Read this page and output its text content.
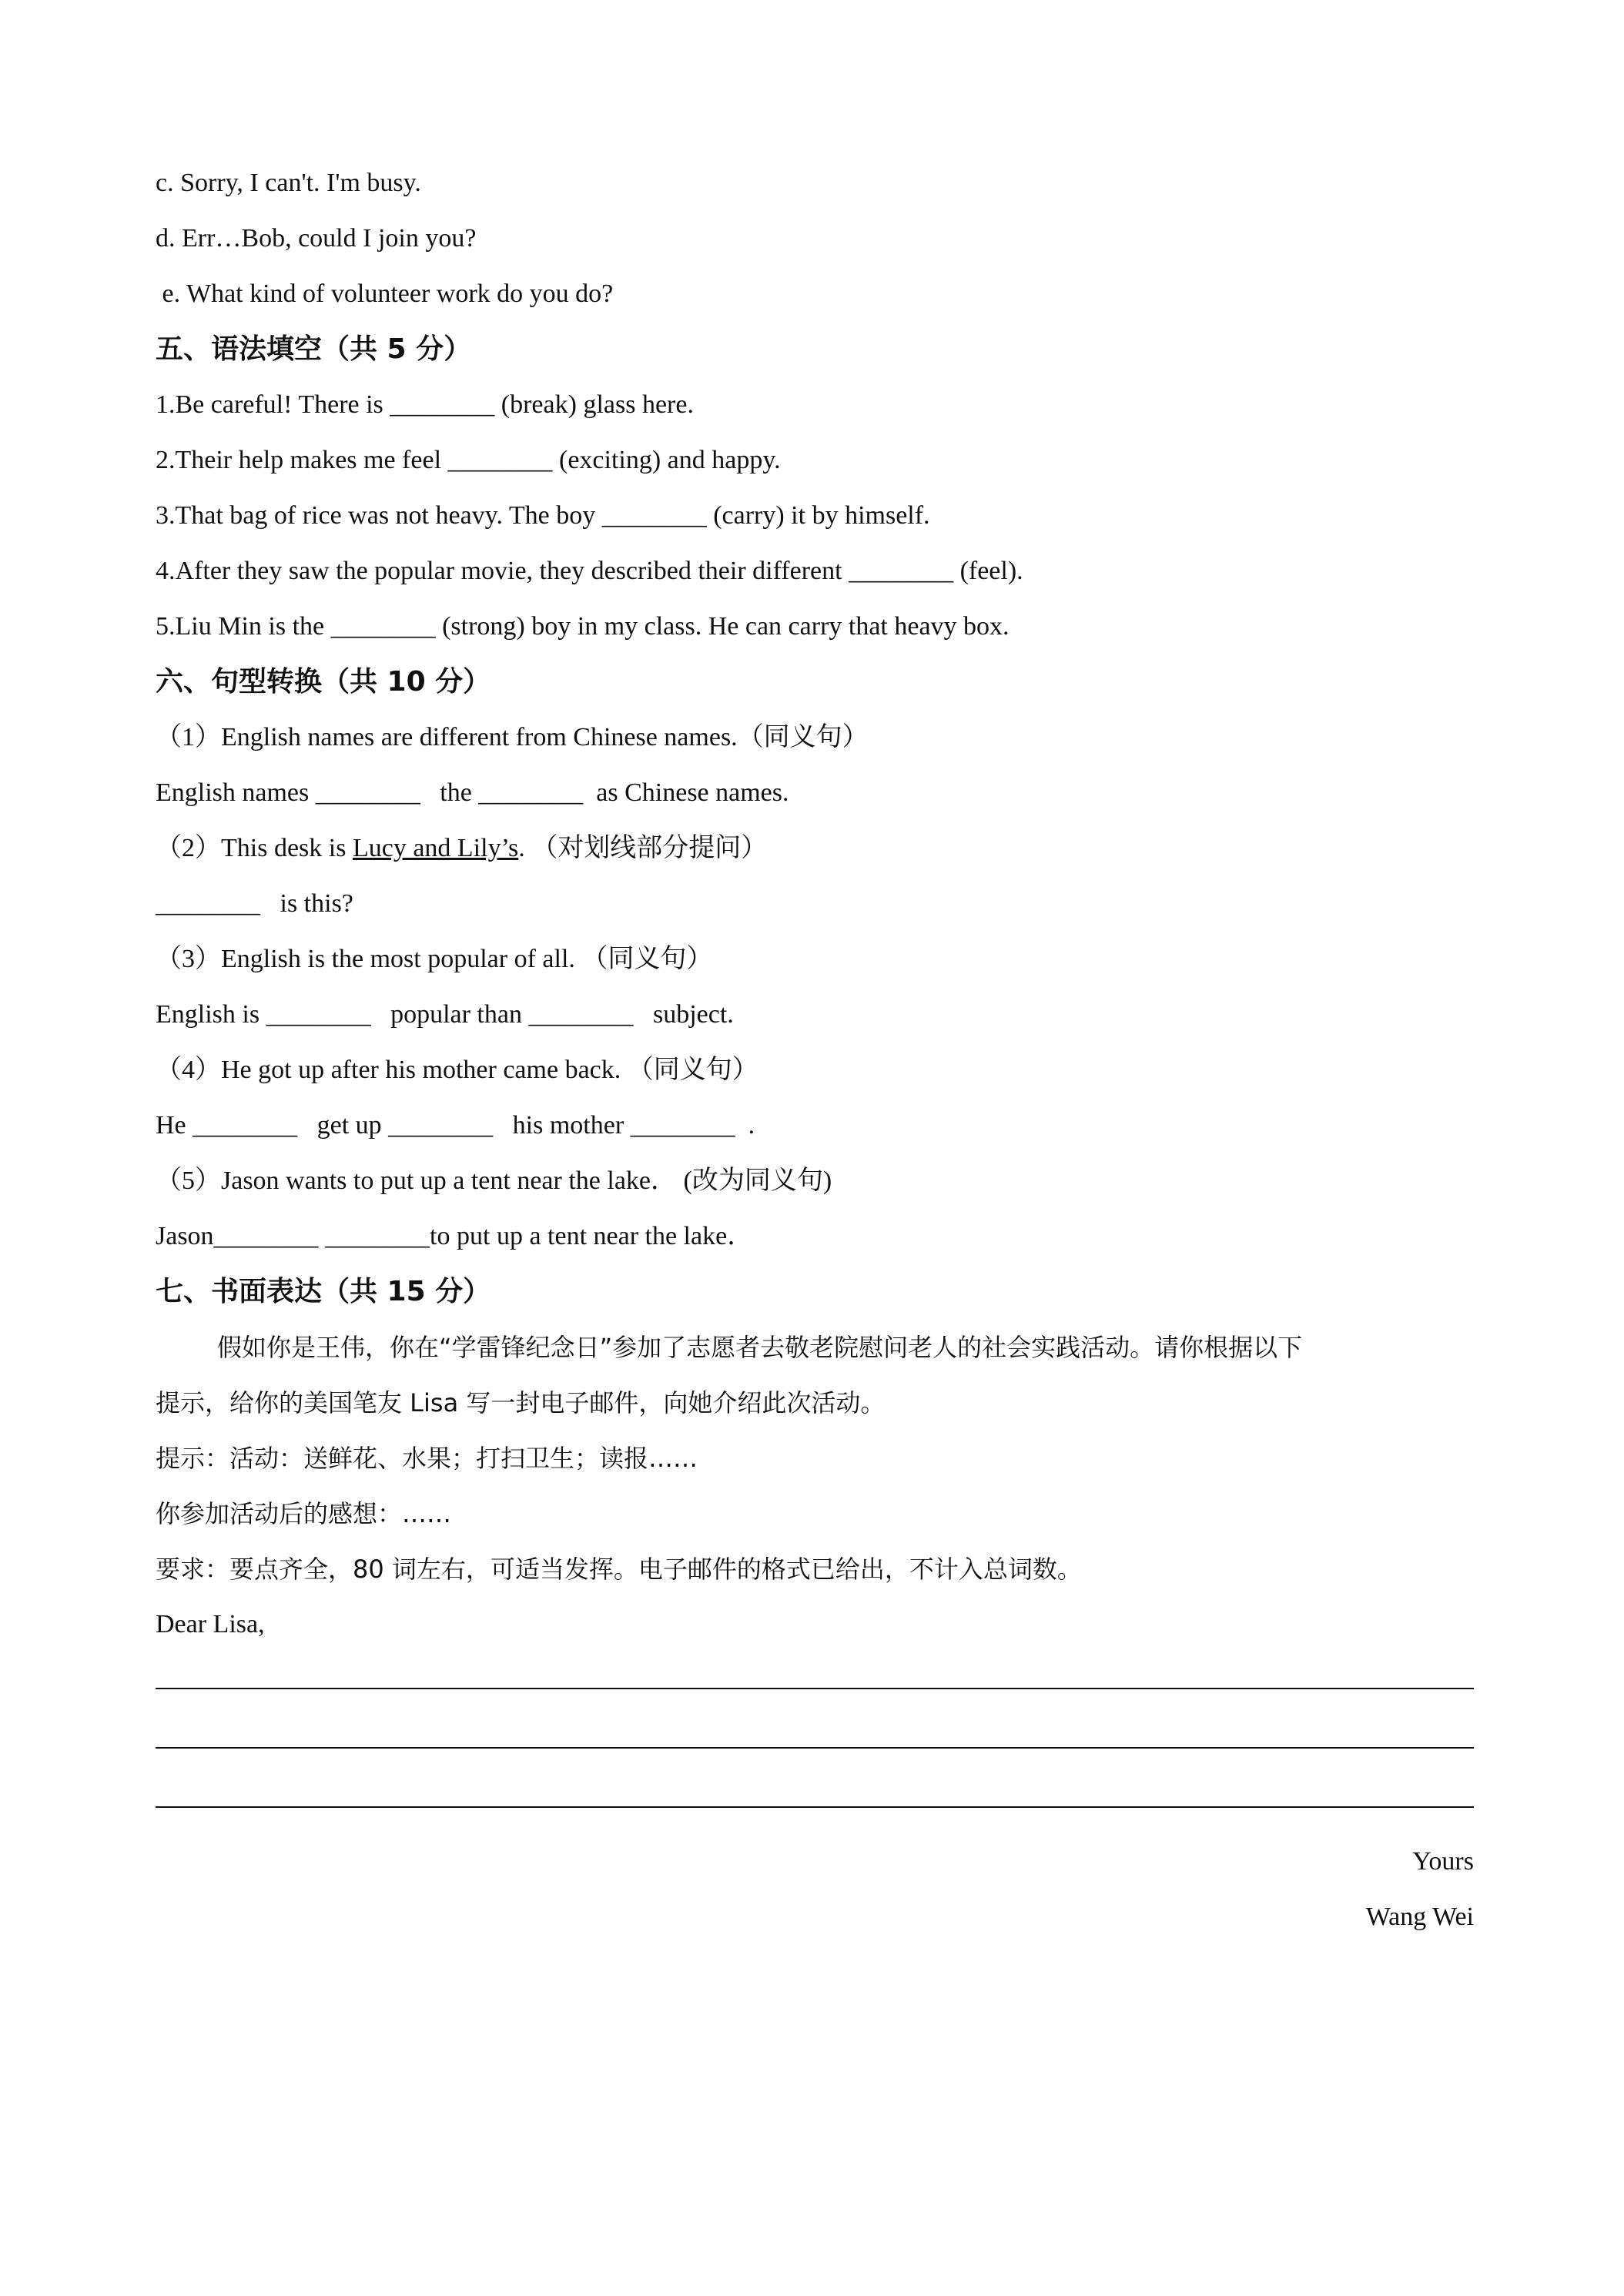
c. Sorry, I can't. I'm busy.
d. Err…Bob, could I join you?
e. What kind of volunteer work do you do?
五、语法填空（共 5 分）
1.Be careful! There is ________ (break) glass here.
2.Their help makes me feel ________ (exciting) and happy.
3.That bag of rice was not heavy. The boy ________ (carry) it by himself.
4.After they saw the popular movie, they described their different ________ (feel).
5.Liu Min is the ________ (strong) boy in my class. He can carry that heavy box.
六、句型转换（共 10 分）
（1）English names are different from Chinese names.（同义句）
English names ________   the ________  as Chinese names.
（2）This desk is Lucy and Lily’s. （对划线部分提问）
________   is this?
（3）English is the most popular of all. （同义句）
English is ________   popular than ________   subject.
（4）He got up after his mother came back. （同义句）
He ________   get up ________   his mother ________  .
（5）Jason wants to put up a tent near the lake． (改为同义句)
Jason________ ________to put up a tent near the lake．
七、书面表达（共 15 分）
假如你是王伟，你在“学雷锋纪念日”参加了志愿者去敬老院慰问老人的社会实践活动。请你根据以下
提示，给你的美国笔友 Lisa 写一封电子邮件，向她介绍此次活动。
提示：活动：送鲜花、水果；打扫卫生；读报……
你参加活动后的感想：……
要求：要点齐全，80 词左右，可适当发挥。电子邮件的格式已给出，不计入总词数。
Dear Lisa,
Yours
Wang Wei
